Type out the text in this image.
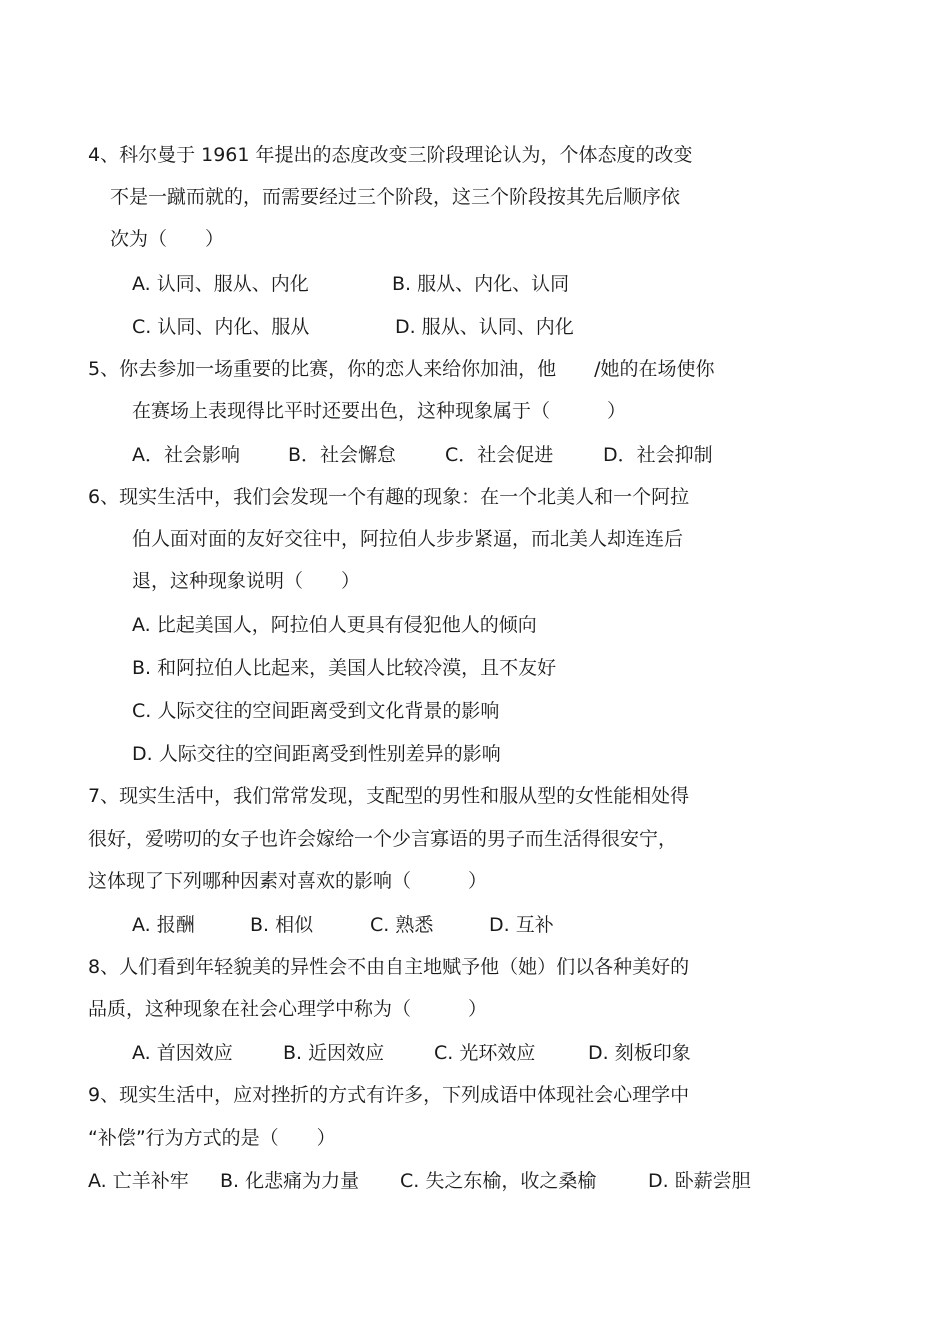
4、科尔曼于 1961 年提出的态度改变三阶段理论认为，个体态度的改变
不是一蹴而就的，而需要经过三个阶段，这三个阶段按其先后顺序依
次为（　　）
A. 认同、服从、内化	B. 服从、内化、认同
C. 认同、内化、服从	D. 服从、认同、内化
5、你去参加一场重要的比赛，你的恋人来给你加油，他　　/她的在场使你
在赛场上表现得比平时还要出色，这种现象属于（　　　）
A．社会影响	B．社会懈怠	C．社会促进	D．社会抑制
6、现实生活中，我们会发现一个有趣的现象：在一个北美人和一个阿拉
伯人面对面的友好交往中，阿拉伯人步步紧逼，而北美人却连连后
退，这种现象说明（　　）
A. 比起美国人，阿拉伯人更具有侵犯他人的倾向
B. 和阿拉伯人比起来，美国人比较冷漠，且不友好
C. 人际交往的空间距离受到文化背景的影响
D. 人际交往的空间距离受到性别差异的影响
7、现实生活中，我们常常发现，支配型的男性和服从型的女性能相处得
很好，爱唠叨的女子也许会嫁给一个少言寡语的男子而生活得很安宁，
这体现了下列哪种因素对喜欢的影响（　　　）
A. 报酬	B. 相似	C. 熟悉	D. 互补
8、人们看到年轻貌美的异性会不由自主地赋予他（她）们以各种美好的
品质，这种现象在社会心理学中称为（　　　）
A. 首因效应	B. 近因效应	C. 光环效应	D. 刻板印象
9、现实生活中，应对挫折的方式有许多，下列成语中体现社会心理学中
“补偿”行为方式的是（　　）
A. 亡羊补牢 B. 化悲痛为力量 C. 失之东榆，收之桑榆	D. 卧薪尝胆
